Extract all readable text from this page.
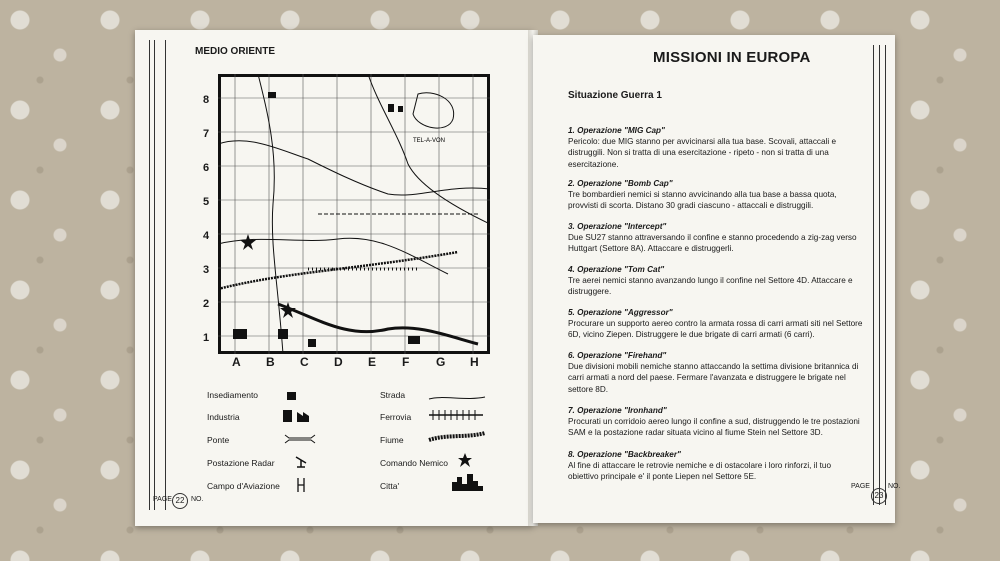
MEDIO ORIENTE
8
7
6
5
4
3
2
1
TEL-A-VON
A B C D E F G H
Insediamento
Industria
Ponte
Postazione Radar
Campo d'Aviazione
Strada
Ferrovia
Fiume
Comando Nemico
Citta'
PAGE 22 NO.
MISSIONI IN EUROPA
Situazione Guerra 1
1. Operazione "MIG Cap"
Pericolo: due MIG stanno per avvicinarsi alla tua base. Scovali, attaccali e distruggili. Non si tratta di una esercitazione - ripeto - non si tratta di una esercitazione.
2. Operazione "Bomb Cap"
Tre bombardieri nemici si stanno avvicinando alla tua base a bassa quota, provvisti di scorta. Distano 30 gradi ciascuno - attaccali e distruggili.
3. Operazione "Intercept"
Due SU27 stanno attraversando il confine e stanno procedendo a zig-zag verso Huttgart (Settore 8A). Attaccare e distruggerli.
4. Operazione "Tom Cat"
Tre aerei nemici stanno avanzando lungo il confine nel Settore 4D. Attaccare e distruggere.
5. Operazione "Aggressor"
Procurare un supporto aereo contro la armata rossa di carri armati siti nel Settore 6D, vicino Ziepen. Distruggere le due brigate di carri armati (6 carri).
6. Operazione "Firehand"
Due divisioni mobili nemiche stanno attaccando la settima divisione britannica di carri armati a nord del paese. Fermare l'avanzata e distruggere le brigate nel settore 8D.
7. Operazione "Ironhand"
Procurati un corridoio aereo lungo il confine a sud, distruggendo le tre postazioni SAM e la postazione radar situata vicino al fiume Stein nel Settore 3D.
8. Operazione "Backbreaker"
Al fine di attaccare le retrovie nemiche e di ostacolare i loro rinforzi, il tuo obiettivo principale e' il ponte Liepen nel Settore 5E.
PAGE
23
NO.
